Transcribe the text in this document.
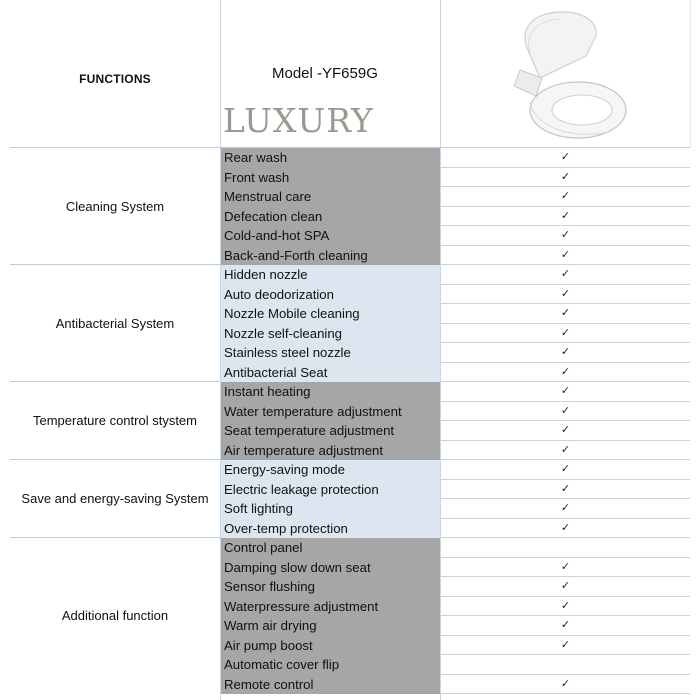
FUNCTIONS	Model -YF659G
LUXURY
Rear wash	✓
Front wash	✓
Menstrual care	✓
Defecation clean	✓
Cold-and-hot SPA	✓
Back-and-Forth cleaning	✓
Cleaning System
Hidden nozzle	✓
Auto deodorization	✓
Nozzle Mobile cleaning	✓
Nozzle self-cleaning	✓
Stainless steel nozzle	✓
Antibacterial Seat	✓
Antibacterial System
Instant heating	✓
Water temperature adjustment	✓
Seat temperature adjustment	✓
Air temperature adjustment	✓
Temperature control stystem
Energy-saving mode	✓
Electric leakage protection	✓
Soft lighting	✓
Over-temp protection	✓
Save and energy-saving System
Control panel
Damping slow down seat	✓
Sensor flushing	✓
Waterpressure adjustment	✓
Warm air drying	✓
Air pump boost	✓
Automatic cover flip
Remote control	✓
Additional function
